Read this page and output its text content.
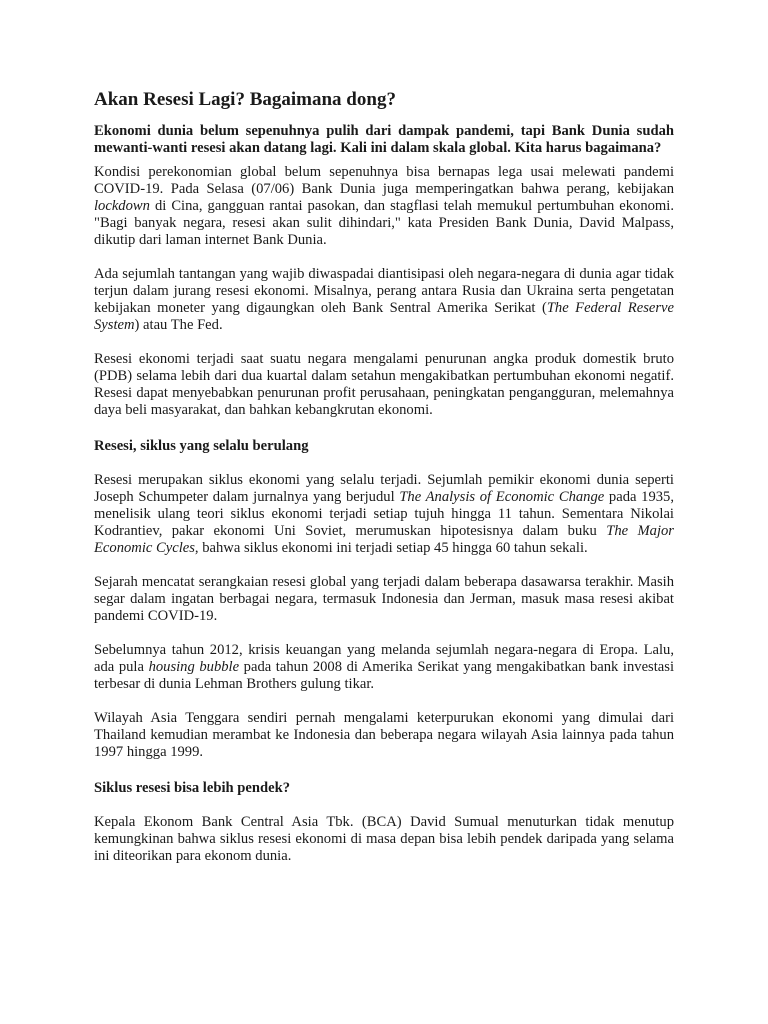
Akan Resesi Lagi? Bagaimana dong?

Ekonomi dunia belum sepenuhnya pulih dari dampak pandemi, tapi Bank Dunia sudah mewanti-wanti resesi akan datang lagi. Kali ini dalam skala global. Kita harus bagaimana?

Kondisi perekonomian global belum sepenuhnya bisa bernapas lega usai melewati pandemi COVID-19. Pada Selasa (07/06) Bank Dunia juga memperingatkan bahwa perang, kebijakan lockdown di Cina, gangguan rantai pasokan, dan stagflasi telah memukul pertumbuhan ekonomi. "Bagi banyak negara, resesi akan sulit dihindari," kata Presiden Bank Dunia, David Malpass, dikutip dari laman internet Bank Dunia.

Ada sejumlah tantangan yang wajib diwaspadai diantisipasi oleh negara-negara di dunia agar tidak terjun dalam jurang resesi ekonomi. Misalnya, perang antara Rusia dan Ukraina serta pengetatan kebijakan moneter yang digaungkan oleh Bank Sentral Amerika Serikat (The Federal Reserve System) atau The Fed.

Resesi ekonomi terjadi saat suatu negara mengalami penurunan angka produk domestik bruto (PDB) selama lebih dari dua kuartal dalam setahun mengakibatkan pertumbuhan ekonomi negatif. Resesi dapat menyebabkan penurunan profit perusahaan, peningkatan pengangguran, melemahnya daya beli masyarakat, dan bahkan kebangkrutan ekonomi.

Resesi, siklus yang selalu berulang

Resesi merupakan siklus ekonomi yang selalu terjadi. Sejumlah pemikir ekonomi dunia seperti Joseph Schumpeter dalam jurnalnya yang berjudul The Analysis of Economic Change pada 1935, menelisik ulang teori siklus ekonomi terjadi setiap tujuh hingga 11 tahun. Sementara Nikolai Kodrantiev, pakar ekonomi Uni Soviet, merumuskan hipotesisnya dalam buku The Major Economic Cycles, bahwa siklus ekonomi ini terjadi setiap 45 hingga 60 tahun sekali.

Sejarah mencatat serangkaian resesi global yang terjadi dalam beberapa dasawarsa terakhir. Masih segar dalam ingatan berbagai negara, termasuk Indonesia dan Jerman, masuk masa resesi akibat pandemi COVID-19.

Sebelumnya tahun 2012, krisis keuangan yang melanda sejumlah negara-negara di Eropa. Lalu, ada pula housing bubble pada tahun 2008 di Amerika Serikat yang mengakibatkan bank investasi terbesar di dunia Lehman Brothers gulung tikar.

Wilayah Asia Tenggara sendiri pernah mengalami keterpurukan ekonomi yang dimulai dari Thailand kemudian merambat ke Indonesia dan beberapa negara wilayah Asia lainnya pada tahun 1997 hingga 1999.

Siklus resesi bisa lebih pendek?

Kepala Ekonom Bank Central Asia Tbk. (BCA) David Sumual menuturkan tidak menutup kemungkinan bahwa siklus resesi ekonomi di masa depan bisa lebih pendek daripada yang selama ini diteorikan para ekonom dunia.
